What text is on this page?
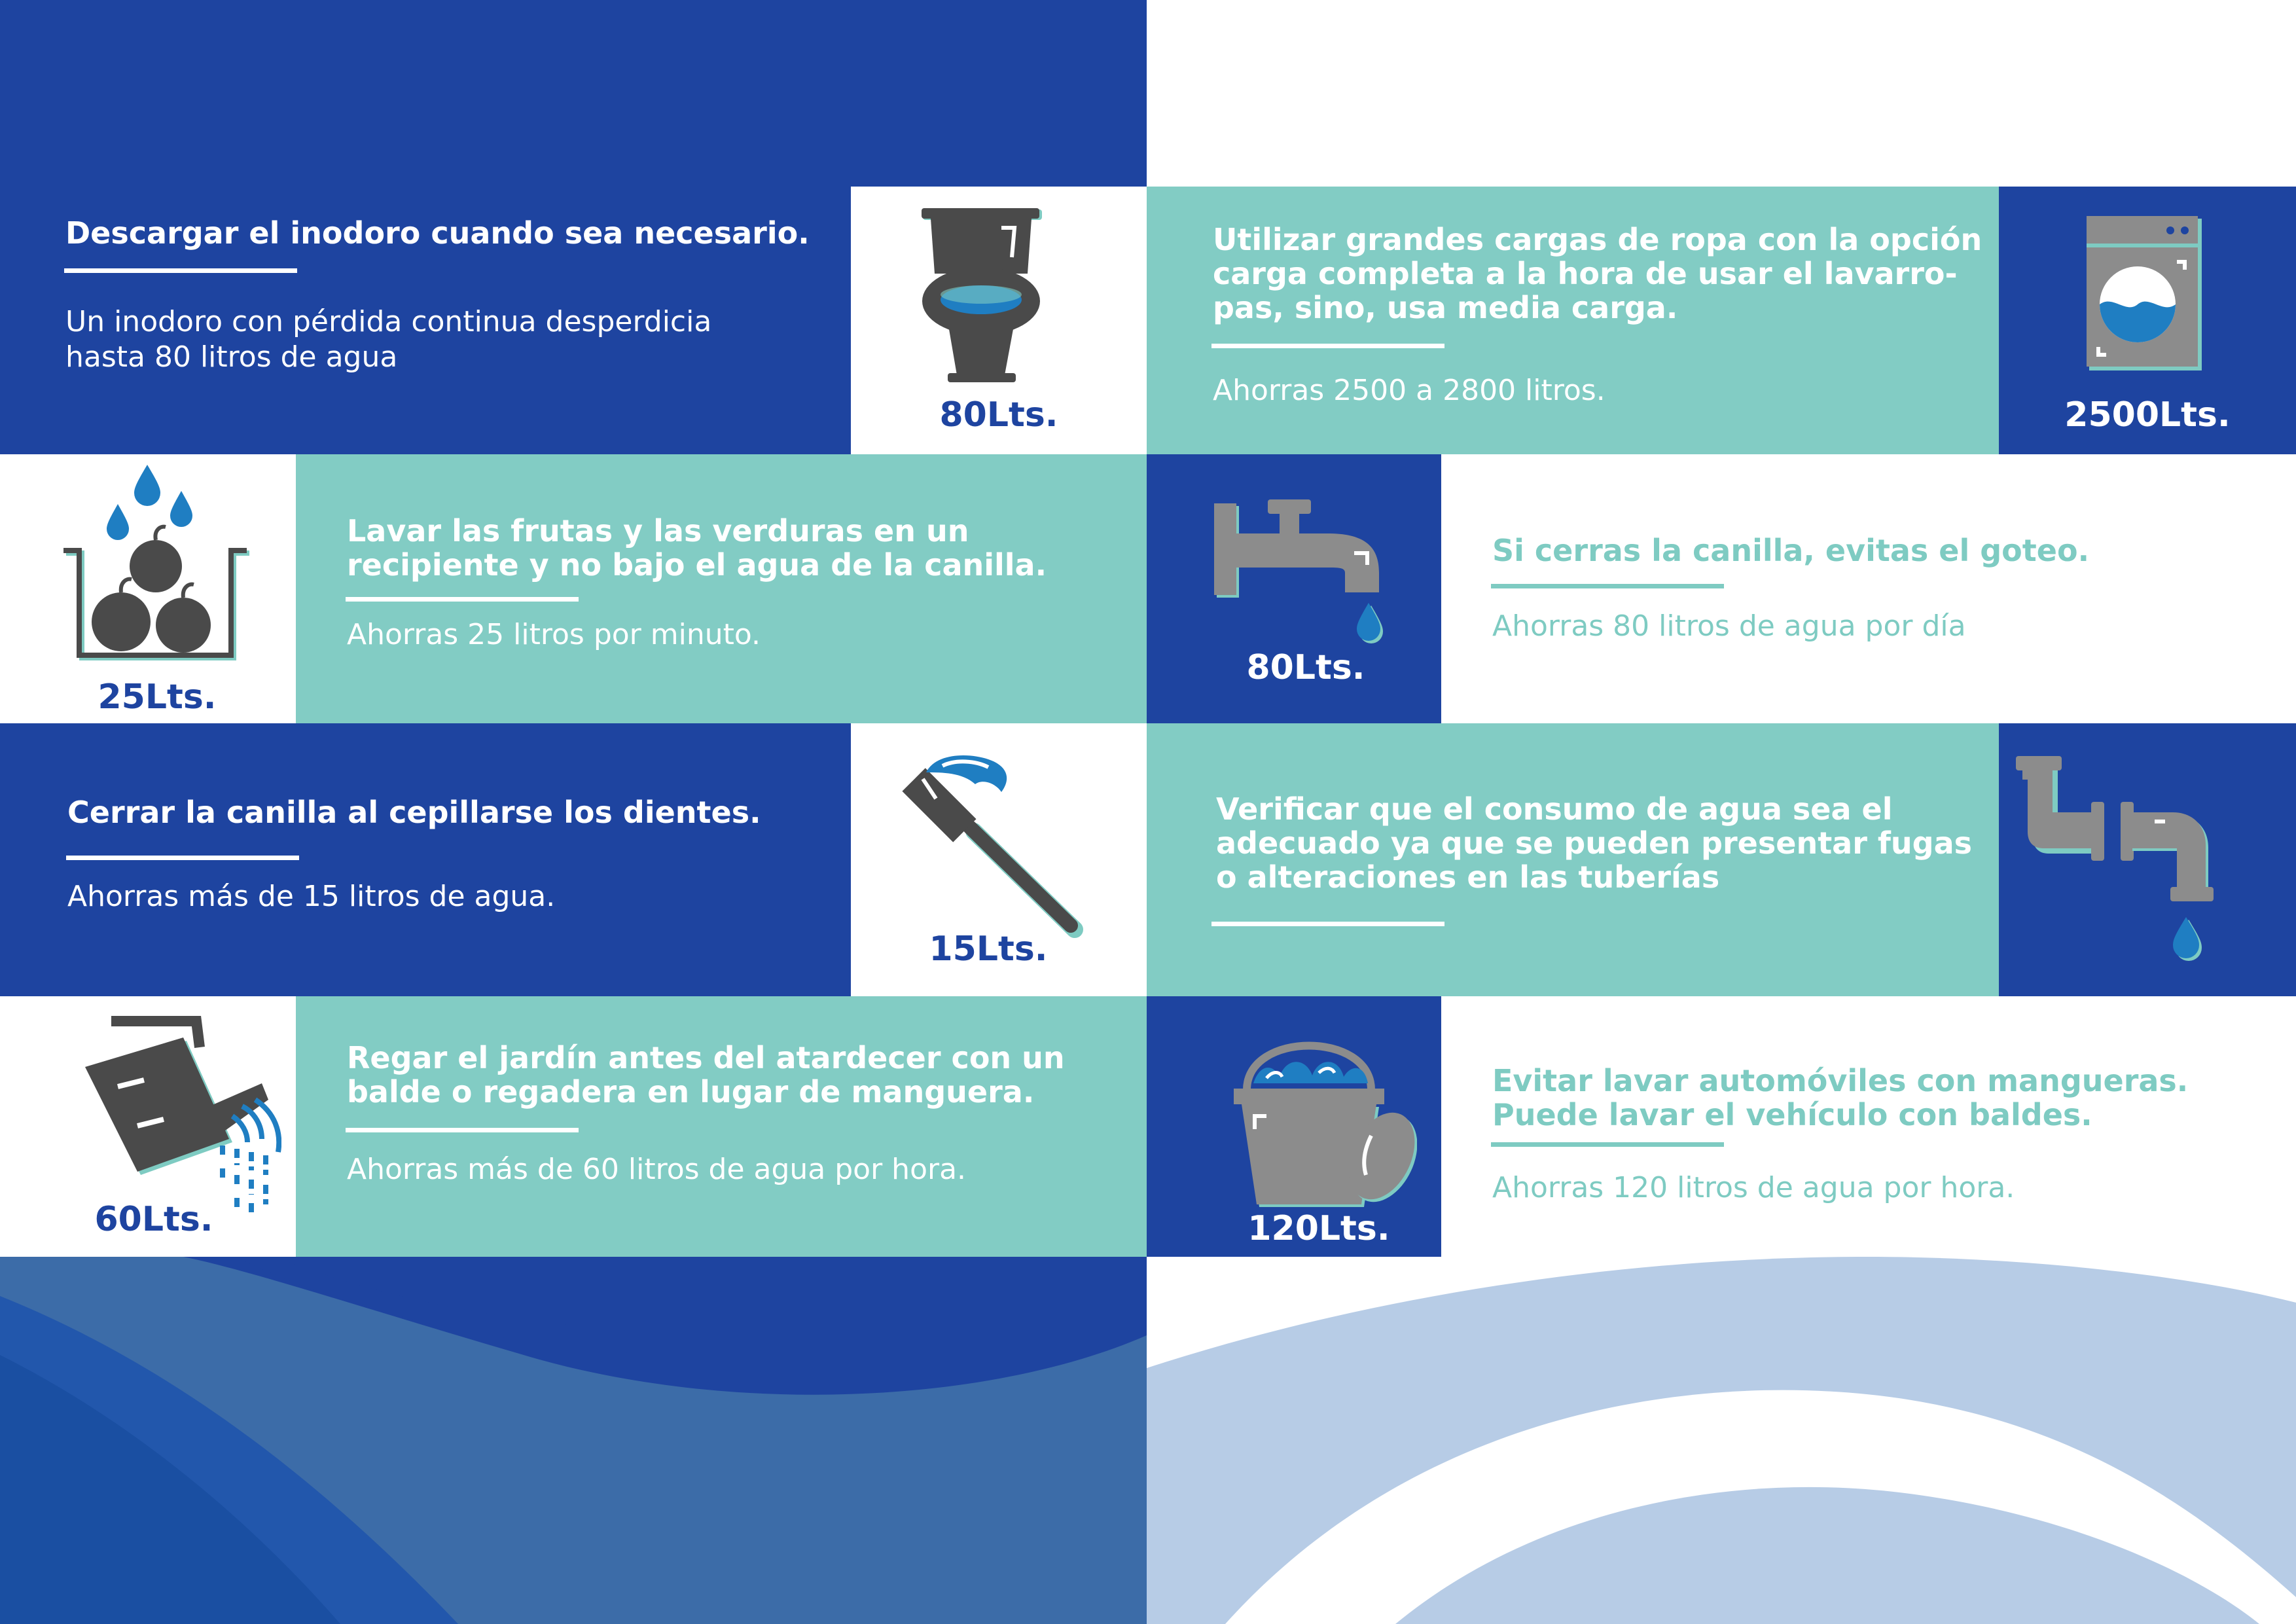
Descargar el inodoro cuando sea necesario.
Un inodoro con pérdida continua desperdicia hasta 80 litros de agua
80Lts.
Utilizar grandes cargas de ropa con la opción carga completa a la hora de usar el lavarro-pas, sino, usa media carga.
Ahorras 2500 a 2800 litros.
2500Lts.
Lavar las frutas y las verduras en un recipiente y no bajo el agua de la canilla.
Ahorras 25 litros por minuto.
25Lts.
Si cerras la canilla, evitas el goteo.
Ahorras 80 litros de agua por día
80Lts.
Cerrar la canilla al cepillarse los dientes.
Ahorras más de 15 litros de agua.
15Lts.
Verificar que el consumo de agua sea el adecuado ya que se pueden presentar fugas o alteraciones en las tuberías
Regar el jardín antes del atardecer con un balde o regadera en lugar de manguera.
Ahorras más de 60 litros de agua por hora.
60Lts.
Evitar lavar automóviles con mangueras. Puede lavar el vehículo con baldes.
Ahorras 120 litros de agua por hora.
120Lts.
